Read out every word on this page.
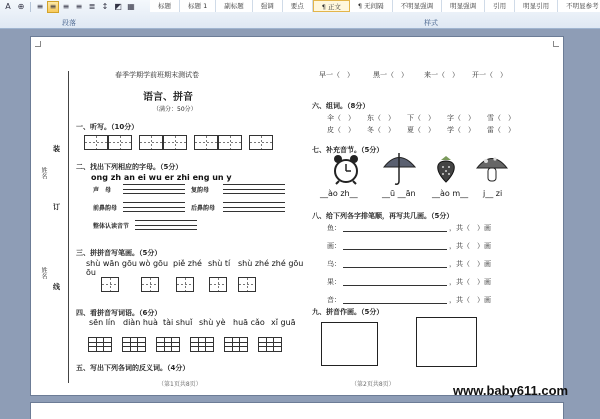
A ⊕	≡ ≡ ≡ ≡ ≣ ↕ ◩ ▦
段落
标题	标题 1	副标题	强调	要点	¶ 正文	¶ 无间隔	不明显强调	明显强调	引用	明显引用	不明显参考
样式
姓名
姓名
装
订
线
春季学期学前班期末测试卷
语言、拼音
（满分：50分）
一、听写。（10分）
二、找出下列相应的字母。（5分）
ong zh an ei wu er zhi eng un y
声　母	复韵母
前鼻韵母	后鼻韵母
整体认读音节
三、拼拼音写笔画。（5分）
shù wān gōu wò gōu piě zhé shù tí shù zhé zhé gōu
ōu
四、看拼音写词语。（6分）
sēn lín diàn huà tài shuǐ shù yè huā cǎo xǐ guā
五、写出下列各词的反义词。（4分）
（第1页共8页）
早一（　）	黑一（　） 来一（　） 开一（　）
六、组词。（8分）
伞（　） 东（　） 下（　） 字（　） 雪（　）
皮（　） 冬（　） 夏（　） 学（　） 雷（　）
七、补充音节。（5分）
__ào zh__	__ū __ān __ào m__ j__ zi
八、给下列各字排笔顺，再写共几画。（5分）
鱼：	，共（　）画
画：	，共（　）画
乌：	，共（　）画
果：	，共（　）画
音：	，共（　）画
九、拼音作画。（5分）
（第2页共8页）	www.baby611.com
